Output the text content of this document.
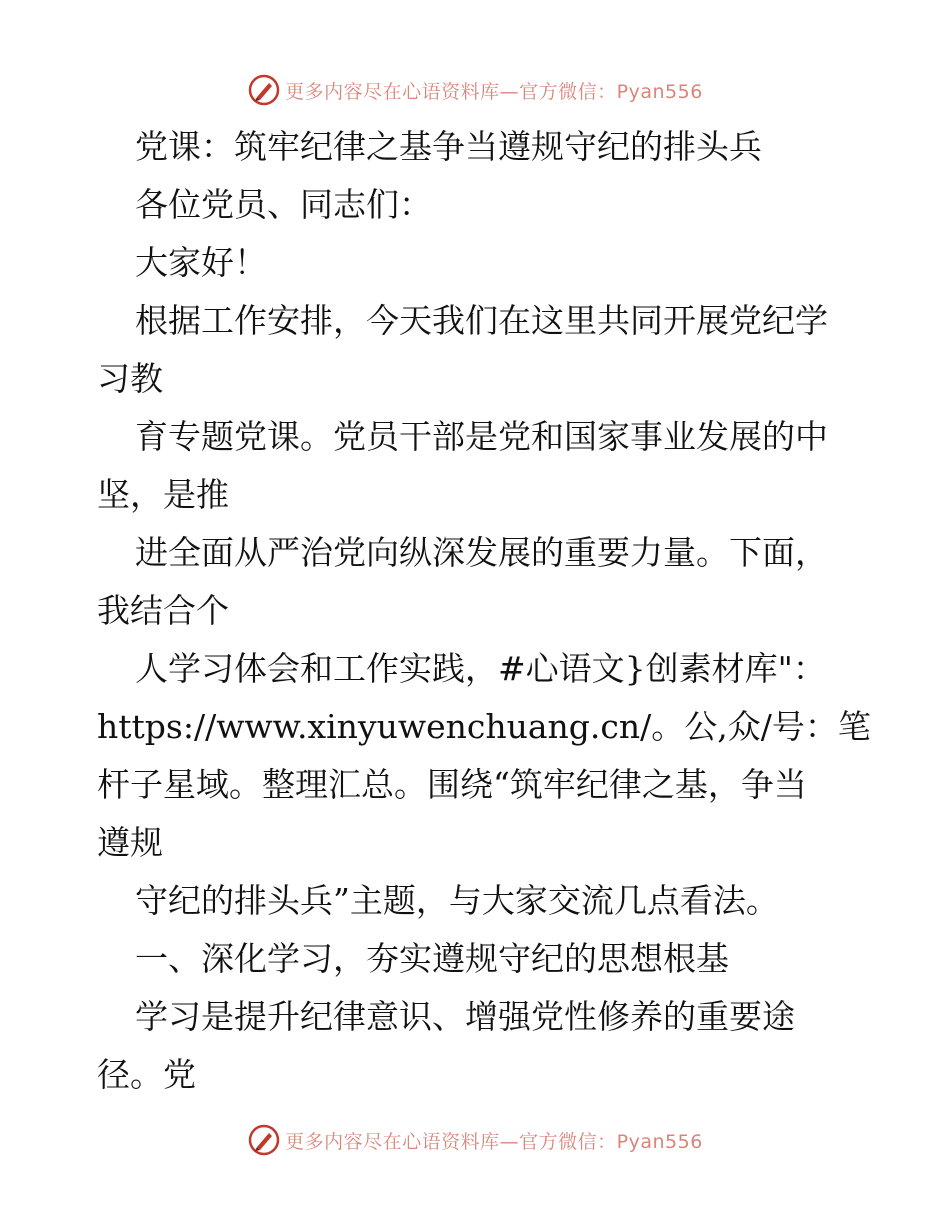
更多内容尽在心语资料库—官方微信：Pyan556

党课：筑牢纪律之基争当遵规守纪的排头兵

各位党员、同志们：

大家好！

根据工作安排，今天我们在这里共同开展党纪学

习教

育专题党课。党员干部是党和国家事业发展的中

坚，是推

进全面从严治党向纵深发展的重要力量。下面，

我结合个

人学习体会和工作实践，#心语文}创素材库"：

https://www.xinyuwenchuang.cn/。公,众/号：笔

杆子星域。整理汇总。围绕“筑牢纪律之基，争当

遵规

守纪的排头兵”主题，与大家交流几点看法。

一、深化学习，夯实遵规守纪的思想根基

学习是提升纪律意识、增强党性修养的重要途

径。党

更多内容尽在心语资料库—官方微信：Pyan556
